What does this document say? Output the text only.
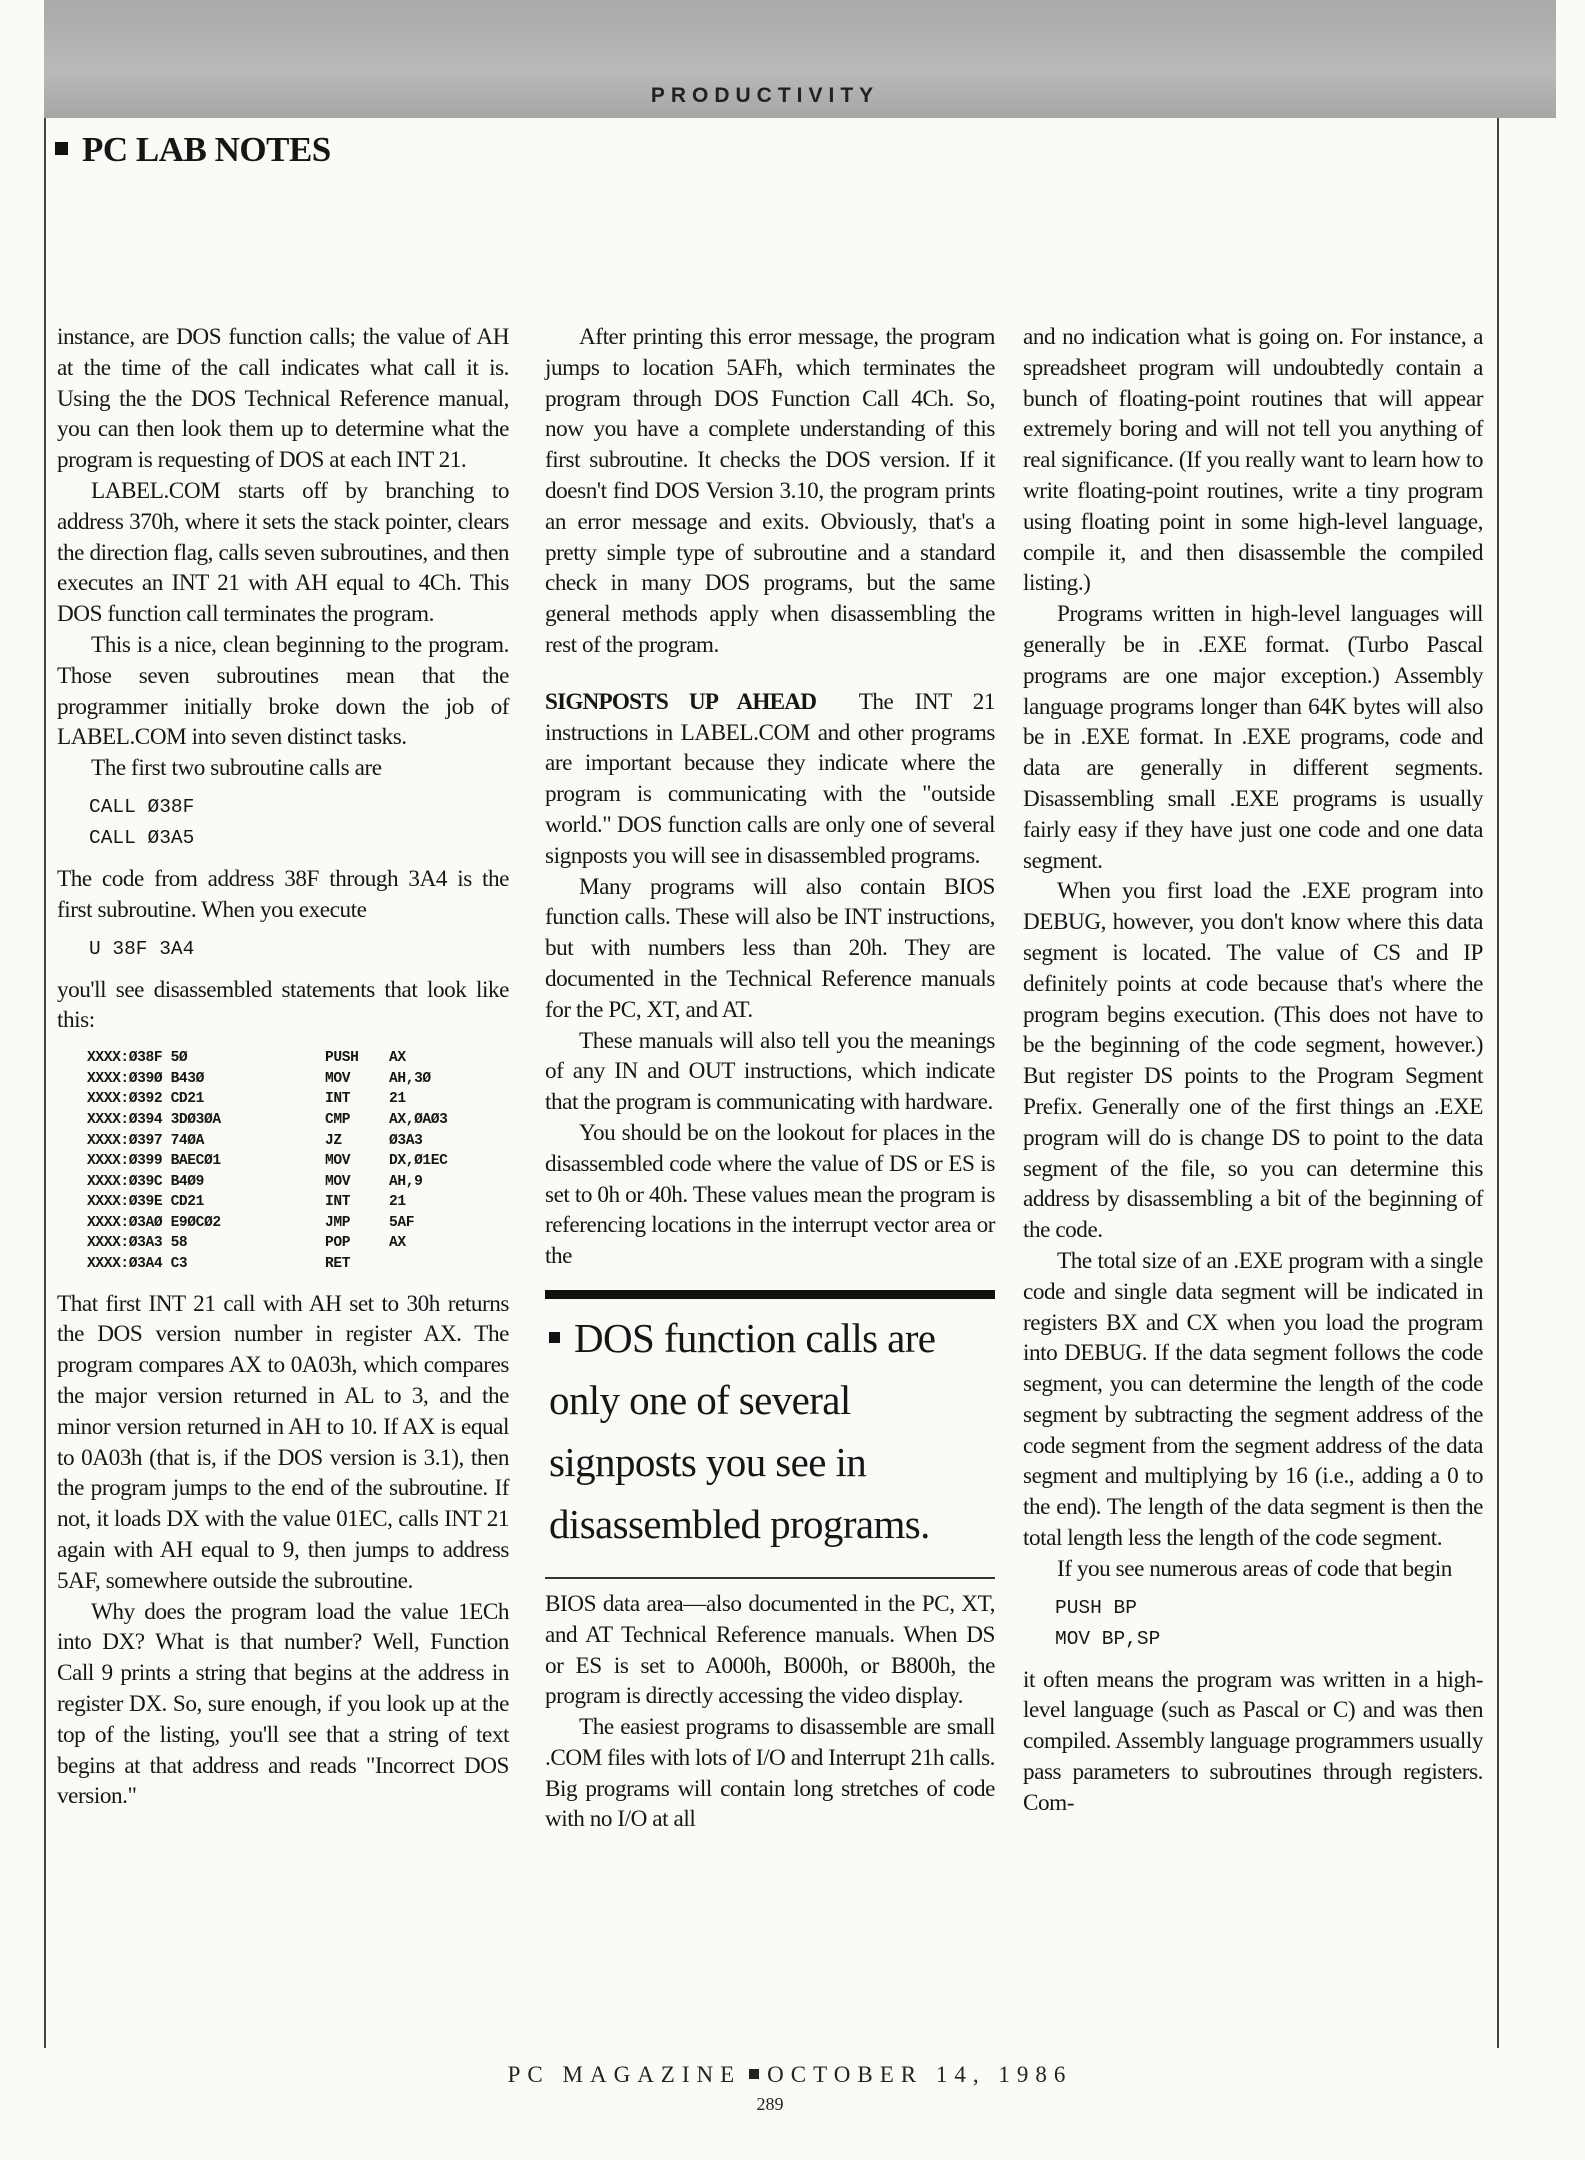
PRODUCTIVITY
PC LAB NOTES

instance, are DOS function calls; the value of AH at the time of the call indicates what call it is. Using the the DOS Technical Reference manual, you can then look them up to determine what the program is requesting of DOS at each INT 21.

LABEL.COM starts off by branching to address 370h, where it sets the stack pointer, clears the direction flag, calls seven subroutines, and then executes an INT 21 with AH equal to 4Ch. This DOS function call terminates the program.

This is a nice, clean beginning to the program. Those seven subroutines mean that the programmer initially broke down the job of LABEL.COM into seven distinct tasks.

The first two subroutine calls are

CALL Ø38F

CALL Ø3A5

The code from address 38F through 3A4 is the first subroutine. When you execute

U 38F 3A4

you'll see disassembled statements that look like this:

XXXX:Ø38F 5Ø	PUSH	AX
XXXX:Ø39Ø B43Ø	MOV	AH,3Ø
XXXX:Ø392 CD21	INT	21
XXXX:Ø394 3DØ3ØA	CMP	AX,ØAØ3
XXXX:Ø397 74ØA	JZ	Ø3A3
XXXX:Ø399 BAECØ1	MOV	DX,Ø1EC
XXXX:Ø39C B4Ø9	MOV	AH,9
XXXX:Ø39E CD21	INT	21
XXXX:Ø3AØ E9ØCØ2	JMP	5AF
XXXX:Ø3A3 58	POP	AX
XXXX:Ø3A4 C3	RET

That first INT 21 call with AH set to 30h returns the DOS version number in register AX. The program compares AX to 0A03h, which compares the major version returned in AL to 3, and the minor version returned in AH to 10. If AX is equal to 0A03h (that is, if the DOS version is 3.1), then the program jumps to the end of the subroutine. If not, it loads DX with the value 01EC, calls INT 21 again with AH equal to 9, then jumps to address 5AF, somewhere outside the subroutine.

Why does the program load the value 1ECh into DX? What is that number? Well, Function Call 9 prints a string that begins at the address in register DX. So, sure enough, if you look up at the top of the listing, you'll see that a string of text begins at that address and reads "Incorrect DOS version."

After printing this error message, the program jumps to location 5AFh, which terminates the program through DOS Function Call 4Ch. So, now you have a complete understanding of this first subroutine. It checks the DOS version. If it doesn't find DOS Version 3.10, the program prints an error message and exits. Obviously, that's a pretty simple type of subroutine and a standard check in many DOS programs, but the same general methods apply when disassembling the rest of the program.

SIGNPOSTS UP AHEAD The INT 21 instructions in LABEL.COM and other programs are important because they indicate where the program is communicating with the "outside world." DOS function calls are only one of several signposts you will see in disassembled programs.

Many programs will also contain BIOS function calls. These will also be INT instructions, but with numbers less than 20h. They are documented in the Technical Reference manuals for the PC, XT, and AT.

These manuals will also tell you the meanings of any IN and OUT instructions, which indicate that the program is communicating with hardware.

You should be on the lookout for places in the disassembled code where the value of DS or ES is set to 0h or 40h. These values mean the program is referencing locations in the interrupt vector area or the

DOS function calls are only one of several signposts you see in disassembled programs.

BIOS data area—also documented in the PC, XT, and AT Technical Reference manuals. When DS or ES is set to A000h, B000h, or B800h, the program is directly accessing the video display.

The easiest programs to disassemble are small .COM files with lots of I/O and Interrupt 21h calls. Big programs will contain long stretches of code with no I/O at all

and no indication what is going on. For instance, a spreadsheet program will undoubtedly contain a bunch of floating-point routines that will appear extremely boring and will not tell you anything of real significance. (If you really want to learn how to write floating-point routines, write a tiny program using floating point in some high-level language, compile it, and then disassemble the compiled listing.)

Programs written in high-level languages will generally be in .EXE format. (Turbo Pascal programs are one major exception.) Assembly language programs longer than 64K bytes will also be in .EXE format. In .EXE programs, code and data are generally in different segments. Disassembling small .EXE programs is usually fairly easy if they have just one code and one data segment.

When you first load the .EXE program into DEBUG, however, you don't know where this data segment is located. The value of CS and IP definitely points at code because that's where the program begins execution. (This does not have to be the beginning of the code segment, however.) But register DS points to the Program Segment Prefix. Generally one of the first things an .EXE program will do is change DS to point to the data segment of the file, so you can determine this address by disassembling a bit of the beginning of the code.

The total size of an .EXE program with a single code and single data segment will be indicated in registers BX and CX when you load the program into DEBUG. If the data segment follows the code segment, you can determine the length of the code segment by subtracting the segment address of the code segment from the segment address of the data segment and multiplying by 16 (i.e., adding a 0 to the end). The length of the data segment is then the total length less the length of the code segment.

If you see numerous areas of code that begin

PUSH BP

MOV BP,SP

it often means the program was written in a high-level language (such as Pascal or C) and was then compiled. Assembly language programmers usually pass parameters to subroutines through registers. Com-

PC MAGAZINE OCTOBER 14, 1986
289
